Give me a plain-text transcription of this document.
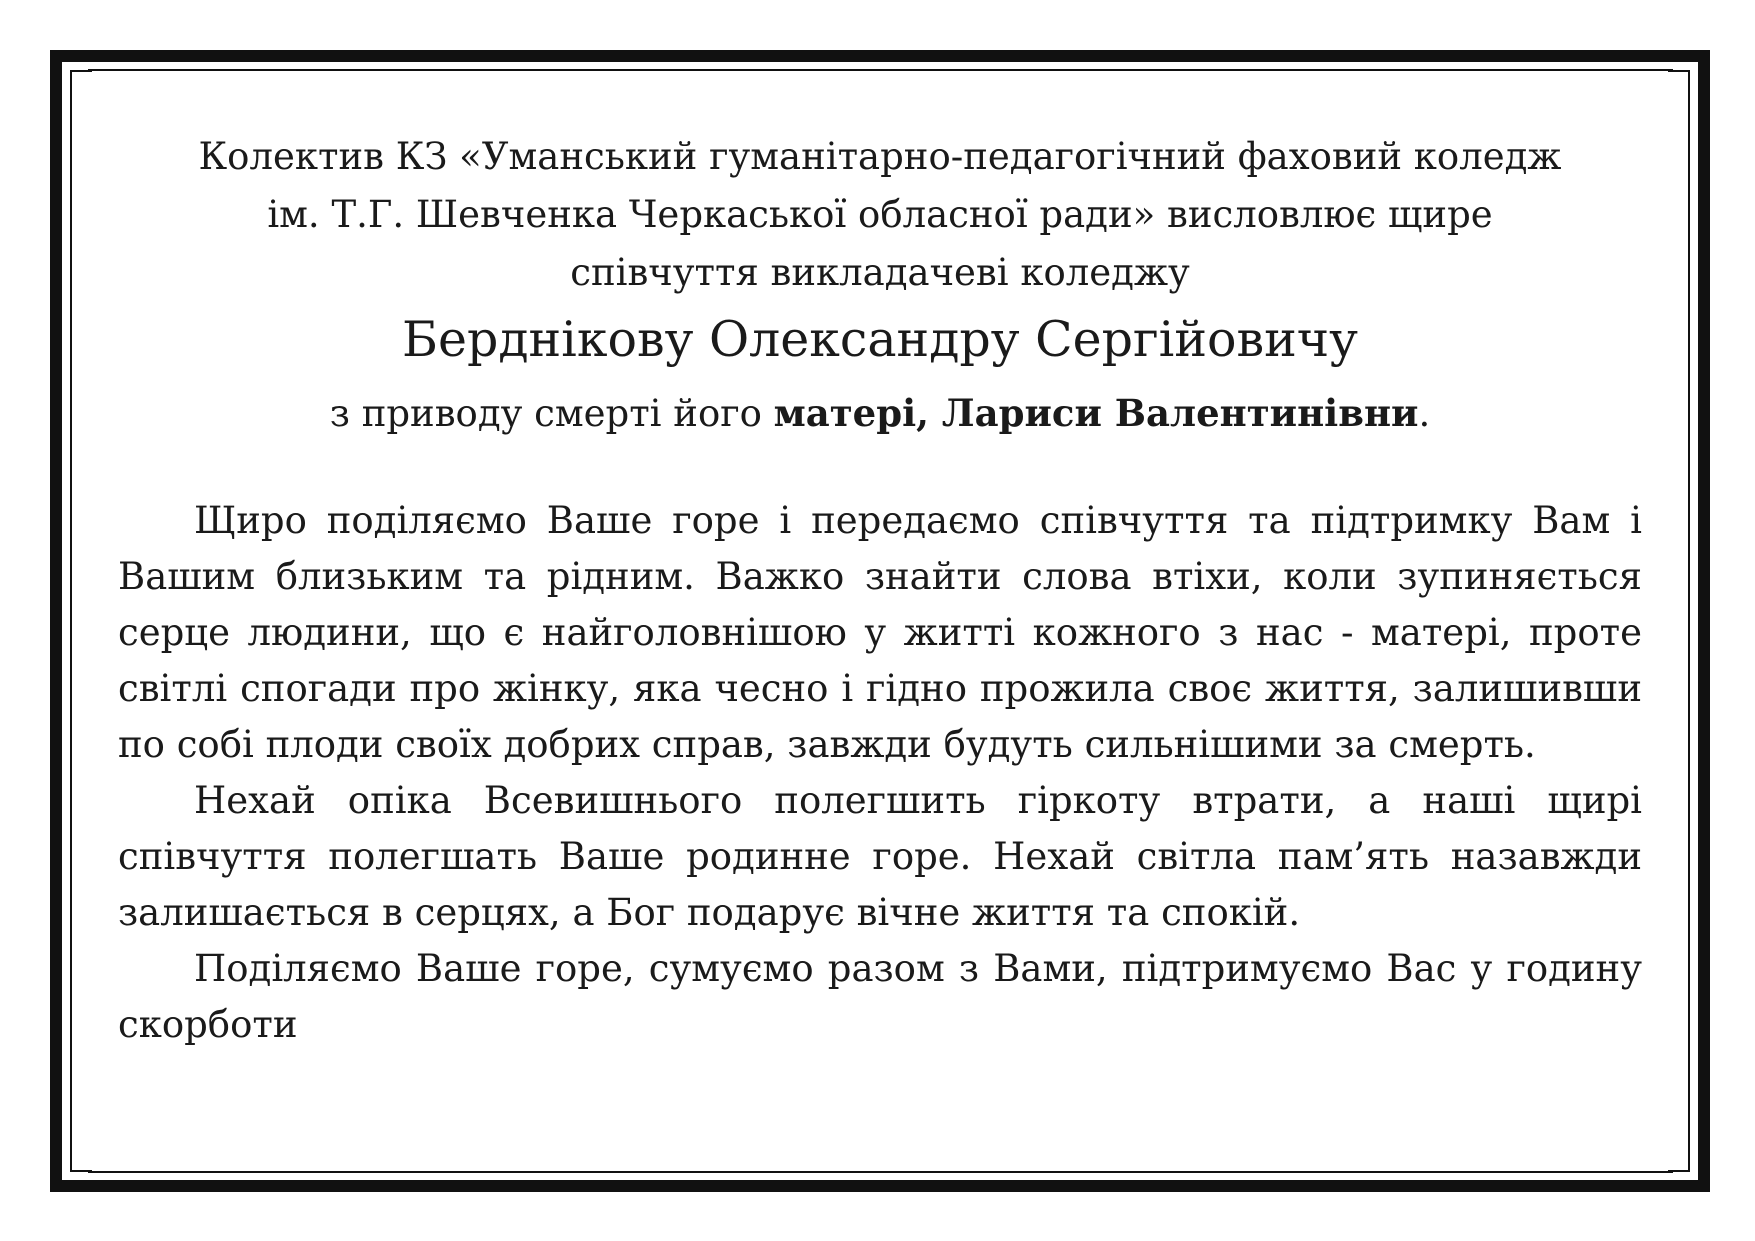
Колектив КЗ «Уманський гуманітарно-педагогічний фаховий коледж

ім. Т.Г. Шевченка Черкаської обласної ради» висловлює щире

співчуття викладачеві коледжу

Берднікову Олександру Сергійовичу

з приводу смерті його матері, Лариси Валентинівни.

Щиро поділяємо Ваше горе і передаємо співчуття та підтримку Вам і Вашим близьким та рідним. Важко знайти слова втіхи, коли зупиняється серце людини, що є найголовнішою у житті кожного з нас - матері, проте світлі спогади про жінку, яка чесно і гідно прожила своє життя, залишивши по собі плоди своїх добрих справ, завжди будуть сильнішими за смерть.

Нехай опіка Всевишнього полегшить гіркоту втрати, а наші щирі співчуття полегшать Ваше родинне горе. Нехай світла пам’ять назавжди залишається в серцях, а Бог подарує вічне життя та спокій.

Поділяємо Ваше горе, сумуємо разом з Вами, підтримуємо Вас у годину скорботи
